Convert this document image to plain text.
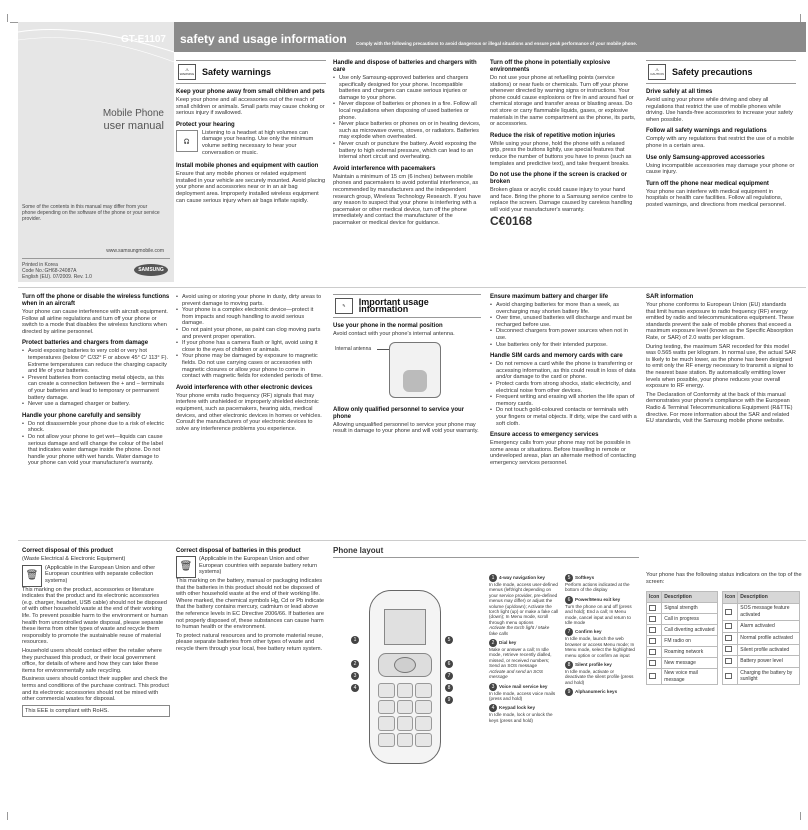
GT-E1107
Mobile Phone
user manual
Some of the contents in this manual may differ from your phone depending on the software of the phone or your service provider.
www.samsungmobile.com
Printed in Korea
Code No.:GH68-24087A
English (EU). 07/2009. Rev. 1.0
SAMSUNG
safety and usage information Comply with the following precautions to avoid dangerous or illegal situations and ensure peak performance of your mobile phone.
⚠
WARNING Safety warnings
Keep your phone away from small children and pets

Keep your phone and all accessories out of the reach of small children or animals. Small parts may cause choking or serious injury if swallowed.

Protect your hearing
🎧

Listening to a headset at high volumes can damage your hearing. Use only the minimum volume setting necessary to hear your conversation or music.

Install mobile phones and equipment with caution

Ensure that any mobile phones or related equipment installed in your vehicle are securely mounted. Avoid placing your phone and accessories near or in an air bag deployment area. Improperly installed wireless equipment can cause serious injury when air bags inflate rapidly.

Handle and dispose of batteries and chargers with care
• Use only Samsung-approved batteries and chargers specifically designed for your phone. Incompatible batteries and chargers can cause serious injuries or damage to your phone.
• Never dispose of batteries or phones in a fire. Follow all local regulations when disposing of used batteries or phone.
• Never place batteries or phones on or in heating devices, such as microwave ovens, stoves, or radiators. Batteries may explode when overheated.
• Never crush or puncture the battery. Avoid exposing the battery to high external pressure, which can lead to an internal short circuit and overheating.
Avoid interference with pacemakers

Maintain a minimum of 15 cm (6 inches) between mobile phones and pacemakers to avoid potential interference, as recommended by manufacturers and the independent research group, Wireless Technology Research. If you have any reason to suspect that your phone is interfering with a pacemaker or other medical device, turn off the phone immediately and contact the manufacturer of the pacemaker or medical device for guidance.

Turn off the phone in potentially explosive environments

Do not use your phone at refuelling points (service stations) or near fuels or chemicals. Turn off your phone whenever directed by warning signs or instructions. Your phone could cause explosions or fire in and around fuel or chemical storage and transfer areas or blasting areas. Do not store or carry flammable liquids, gases, or explosive materials in the same compartment as the phone, its parts, or accessories.

Reduce the risk of repetitive motion injuries

While using your phone, hold the phone with a relaxed grip, press the buttons lightly, use special features that reduce the number of buttons you have to press (such as templates and predictive text), and take frequent breaks.

Do not use the phone if the screen is cracked or broken

Broken glass or acrylic could cause injury to your hand and face. Bring the phone to a Samsung service centre to replace the screen. Damage caused by careless handling will void your manufacturer's warranty.

C€0168
⚠
CAUTION Safety precautions
Drive safely at all times

Avoid using your phone while driving and obey all regulations that restrict the use of mobile phones while driving. Use hands-free accessories to increase your safety when possible.

Follow all safety warnings and regulations

Comply with any regulations that restrict the use of a mobile phone in a certain area.

Use only Samsung-approved accessories

Using incompatible accessories may damage your phone or cause injury.

Turn off the phone near medical equipment

Your phone can interfere with medical equipment in hospitals or health care facilities. Follow all regulations, posted warnings, and directions from medical personnel.

Turn off the phone or disable the wireless functions when in an aircraft

Your phone can cause interference with aircraft equipment. Follow all airline regulations and turn off your phone or switch to a mode that disables the wireless functions when directed by airline personnel.

Protect batteries and chargers from damage
• Avoid exposing batteries to very cold or very hot temperatures (below 0° C/32° F or above 45° C/ 113° F). Extreme temperatures can reduce the charging capacity and life of your batteries.
• Prevent batteries from contacting metal objects, as this can create a connection between the + and – terminals of your batteries and lead to temporary or permanent battery damage.
• Never use a damaged charger or battery.
Handle your phone carefully and sensibly
• Do not disassemble your phone due to a risk of electric shock.
• Do not allow your phone to get wet—liquids can cause serious damage and will change the colour of the label that indicates water damage inside the phone. Do not handle your phone with wet hands. Water damage to your phone can void your manufacturer's warranty.
• Avoid using or storing your phone in dusty, dirty areas to prevent damage to moving parts.
• Your phone is a complex electronic device—protect it from impacts and rough handling to avoid serious damage.
• Do not paint your phone, as paint can clog moving parts and prevent proper operation.
• If your phone has a camera flash or light, avoid using it close to the eyes of children or animals.
• Your phone may be damaged by exposure to magnetic fields. Do not use carrying cases or accessories with magnetic closures or allow your phone to come in contact with magnetic fields for extended periods of time.
Avoid interference with other electronic devices

Your phone emits radio frequency (RF) signals that may interfere with unshielded or improperly shielded electronic equipment, such as pacemakers, hearing aids, medical devices, and other electronic devices in homes or vehicles. Consult the manufacturers of your electronic devices to solve any interference problems you experience.

✎	Important usage information
Use your phone in the normal position

Avoid contact with your phone's internal antenna.

Internal antenna
Allow only qualified personnel to service your phone

Allowing unqualified personnel to service your phone may result in damage to your phone and will void your warranty.

Ensure maximum battery and charger life
• Avoid charging batteries for more than a week, as overcharging may shorten battery life.
• Over time, unused batteries will discharge and must be recharged before use.
• Disconnect chargers from power sources when not in use.
• Use batteries only for their intended purpose.
Handle SIM cards and memory cards with care
• Do not remove a card while the phone is transferring or accessing information, as this could result in loss of data and/or damage to the card or phone.
• Protect cards from strong shocks, static electricity, and electrical noise from other devices.
• Frequent writing and erasing will shorten the life span of memory cards.
• Do not touch gold-coloured contacts or terminals with your fingers or metal objects. If dirty, wipe the card with a soft cloth.
Ensure access to emergency services

Emergency calls from your phone may not be possible in some areas or situations. Before travelling in remote or undeveloped areas, plan an alternate method of contacting emergency services personnel.

SAR information

Your phone conforms to European Union (EU) standards that limit human exposure to radio frequency (RF) energy emitted by radio and telecommunications equipment. These standards prevent the sale of mobile phones that exceed a maximum exposure level (known as the Specific Absorption Rate, or SAR) of 2.0 watts per kilogram.

During testing, the maximum SAR recorded for this model was 0.565 watts per kilogram. In normal use, the actual SAR is likely to be much lower, as the phone has been designed to emit only the RF energy necessary to transmit a signal to the nearest base station. By automatically emitting lower levels when possible, your phone reduces your overall exposure to RF energy.

The Declaration of Conformity at the back of this manual demonstrates your phone's compliance with the European Radio & Terminal Telecommunications Equipment (R&TTE) directive. For more information about the SAR and related EU standards, visit the Samsung mobile phone website.

Correct disposal of this product

(Waste Electrical & Electronic Equipment)

🗑

(Applicable in the European Union and other European countries with separate collection systems)

This marking on the product, accessories or literature indicates that the product and its electronic accessories (e.g. charger, headset, USB cable) should not be disposed of with other household waste at the end of their working life. To prevent possible harm to the environment or human health from uncontrolled waste disposal, please separate these items from other types of waste and recycle them responsibly to promote the sustainable reuse of material resources.

Household users should contact either the retailer where they purchased this product, or their local government office, for details of where and how they can take these items for environmentally safe recycling.

Business users should contact their supplier and check the terms and conditions of the purchase contract. This product and its electronic accessories should not be mixed with other commercial wastes for disposal.

This EEE is compliant with RoHS.
Correct disposal of batteries in this product
🗑

(Applicable in the European Union and other European countries with separate battery return systems)

This marking on the battery, manual or packaging indicates that the batteries in this product should not be disposed of with other household waste at the end of their working life. Where marked, the chemical symbols Hg, Cd or Pb indicate that the battery contains mercury, cadmium or lead above the reference levels in EC Directive 2006/66. If batteries are not properly disposed of, these substances can cause harm to human health or the environment.

To protect natural resources and to promote material reuse, please separate batteries from other types of waste and recycle them through your local, free battery return system.

Phone layout
1
2
3
4
5
6
7
8
9
1 4-way navigation key
In Idle mode, access user-defined menus (left/right depending on your service provider, pre-defined menus may differ) or adjust the volume (up/down); Activate the torch light (up) or make a fake call (down); In Menu mode, scroll through menu options
Activate the torch light / Make fake calls
2 Dial key
Make or answer a call; In Idle mode, retrieve recently dialled, missed, or received numbers; Send an SOS message
Activate and send an SOS message
3 Voice mail service key
In Idle mode, access voice mails (press and hold)
4 Keypad lock key
In Idle mode, lock or unlock the keys (press and hold)
5 Softkeys
Perform actions indicated at the bottom of the display
6 Power/Menu exit key
Turn the phone on and off (press and hold); End a call; In Menu mode, cancel input and return to Idle mode
7 Confirm key
In Idle mode, launch the web browser or access Menu mode; In Menu mode, select the highlighted menu option or confirm an input
8 Silent profile key
In Idle mode, activate or deactivate the silent profile (press and hold)
9 Alphanumeric keys

Your phone has the following status indicators on the top of the screen:

Icon	Description
	Signal strength
	Call in progress
	Call diverting activated
	FM radio on
	Roaming network
	New message
	New voice mail message
Icon	Description
	SOS message feature activated
	Alarm activated
	Normal profile activated
	Silent profile activated
	Battery power level
	Charging the battery by sunlight
